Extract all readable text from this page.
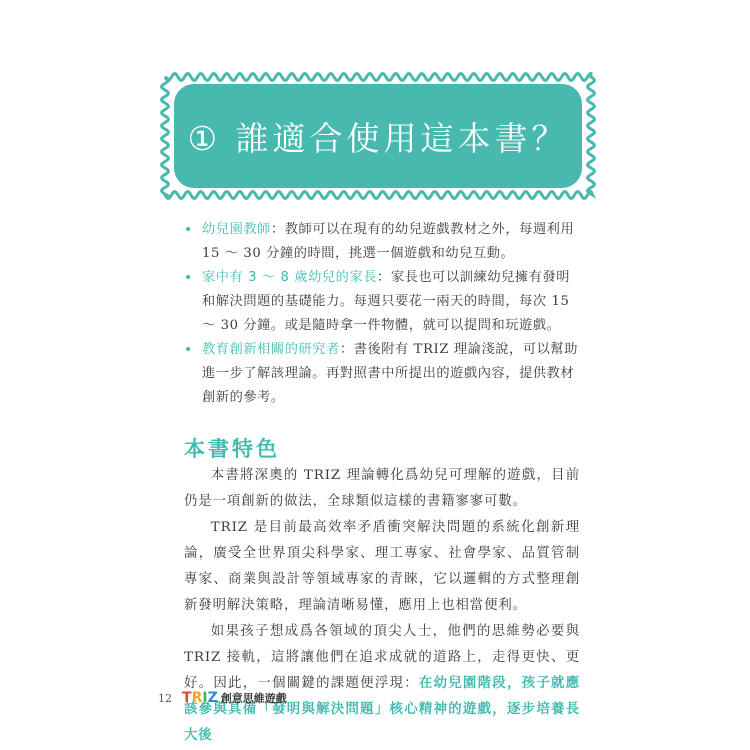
① 誰適合使用這本書？

• 幼兒園教師：教師可以在現有的幼兒遊戲教材之外，每週利用 15 ～ 30 分鐘的時間，挑選一個遊戲和幼兒互動。

• 家中有 3 ～ 8 歲幼兒的家長：家長也可以訓練幼兒擁有發明和解決問題的基礎能力。每週只要花一兩天的時間，每次 15 ～ 30 分鐘。或是隨時拿一件物體，就可以提問和玩遊戲。

• 教育創新相關的研究者：書後附有 TRIZ 理論淺說，可以幫助進一步了解該理論。再對照書中所提出的遊戲內容，提供教材創新的參考。

本書特色

本書將深奧的 TRIZ 理論轉化爲幼兒可理解的遊戲，目前仍是一項創新的做法，全球類似這樣的書籍寥寥可數。

TRIZ 是目前最高效率矛盾衝突解決問題的系統化創新理論，廣受全世界頂尖科學家、理工專家、社會學家、品質管制專家、商業與設計等領域專家的青睞，它以邏輯的方式整理創新發明解決策略，理論清晰易懂，應用上也相當便利。

如果孩子想成爲各領域的頂尖人士，他們的思維勢必要與 TRIZ 接軌，這將讓他們在追求成就的道路上，走得更快、更好。因此，一個關鍵的課題便浮現：在幼兒園階段，孩子就應該參與具備「發明與解決問題」核心精神的遊戲，逐步培養長大後

12 TRIZ 創意思維遊戲
